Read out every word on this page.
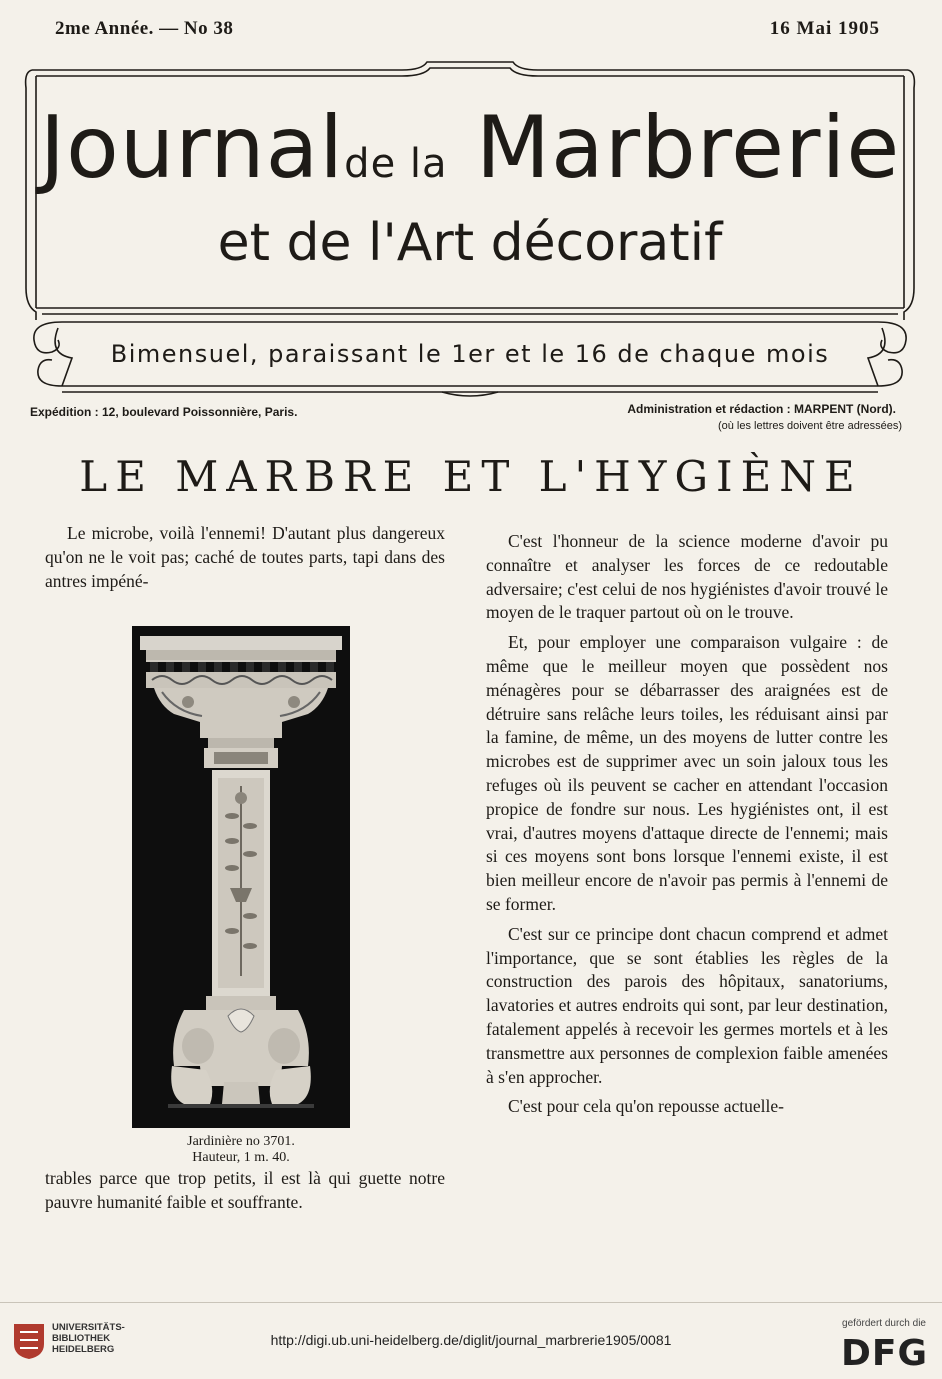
2me Année. — No 38	16 Mai 1905
Journalde la Marbrerie
et de l'Art décoratif
Bimensuel, paraissant le 1er et le 16 de chaque mois
Expédition : 12, boulevard Poissonnière, Paris.	Administration et rédaction : MARPENT (Nord).
(où les lettres doivent être adressées)
LE MARBRE ET L'HYGIÈNE

Le microbe, voilà l'ennemi! D'autant plus dangereux qu'on ne le voit pas; caché de toutes parts, tapi dans des antres impéné-

Jardinière no 3701.
Hauteur, 1 m. 40.

trables parce que trop petits, il est là qui guette notre pauvre humanité faible et souffrante.

C'est l'honneur de la science moderne d'avoir pu connaître et analyser les forces de ce redoutable adversaire; c'est celui de nos hygiénistes d'avoir trouvé le moyen de le traquer partout où on le trouve.

Et, pour employer une comparaison vulgaire : de même que le meilleur moyen que possèdent nos ménagères pour se débarrasser des araignées est de détruire sans relâche leurs toiles, les réduisant ainsi par la famine, de même, un des moyens de lutter contre les microbes est de supprimer avec un soin jaloux tous les refuges où ils peuvent se cacher en attendant l'occasion propice de fondre sur nous. Les hygiénistes ont, il est vrai, d'autres moyens d'attaque directe de l'ennemi; mais si ces moyens sont bons lorsque l'ennemi existe, il est bien meilleur encore de n'avoir pas permis à l'ennemi de se former.

C'est sur ce principe dont chacun comprend et admet l'importance, que se sont établies les règles de la construction des parois des hôpitaux, sanatoriums, lavatories et autres endroits qui sont, par leur destination, fatalement appelés à recevoir les germes mortels et à les transmettre aux personnes de complexion faible amenées à s'en approcher.

C'est pour cela qu'on repousse actuelle-

UNIVERSITÄTS-
BIBLIOTHEK
HEIDELBERG
http://digi.ub.uni-heidelberg.de/diglit/journal_marbrerie1905/0081
gefördert durch die
DFG
